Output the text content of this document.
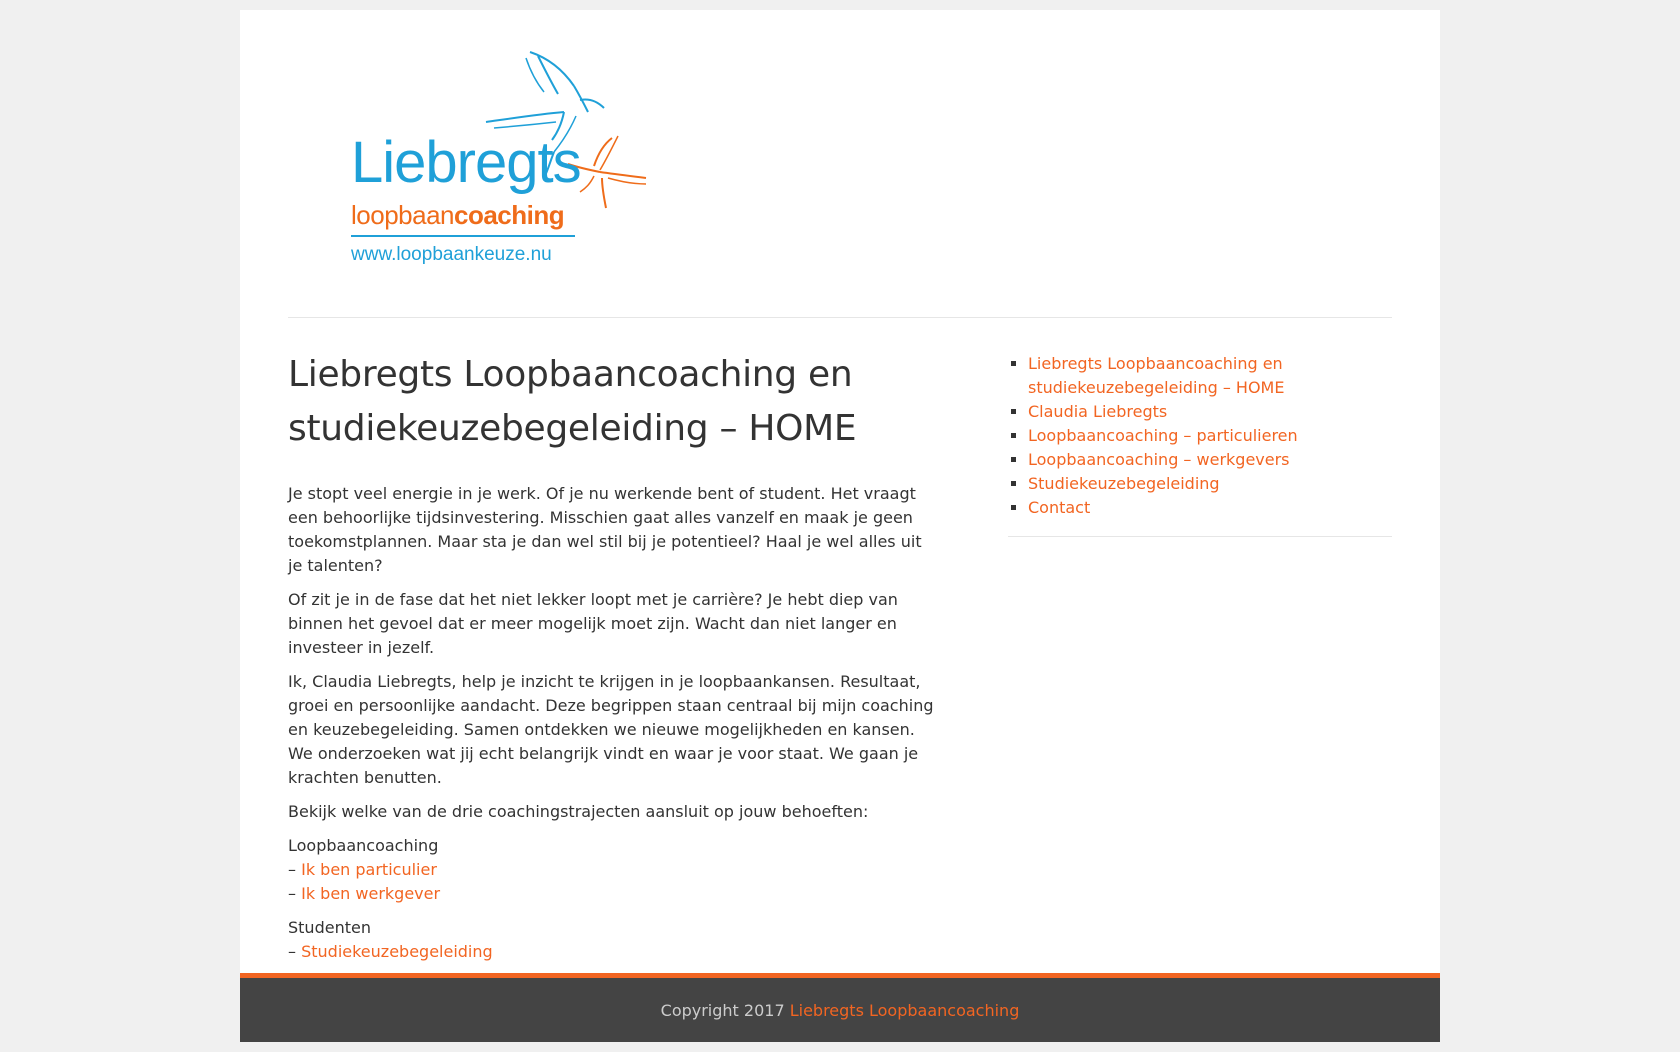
Liebregts
loopbaancoaching
www.loopbaankeuze.nu
Liebregts Loopbaancoaching en studiekeuzebegeleiding – HOME

Je stopt veel energie in je werk. Of je nu werkende bent of student. Het vraagt een behoorlijke tijdsinvestering. Misschien gaat alles vanzelf en maak je geen toekomstplannen. Maar sta je dan wel stil bij je potentieel? Haal je wel alles uit je talenten?

Of zit je in de fase dat het niet lekker loopt met je carrière? Je hebt diep van binnen het gevoel dat er meer mogelijk moet zijn. Wacht dan niet langer en investeer in jezelf.

Ik, Claudia Liebregts, help je inzicht te krijgen in je loopbaankansen. Resultaat, groei en persoonlijke aandacht. Deze begrippen staan centraal bij mijn coaching en keuzebegeleiding. Samen ontdekken we nieuwe mogelijkheden en kansen. We onderzoeken wat jij echt belangrijk vindt en waar je voor staat. We gaan je krachten benutten.

Bekijk welke van de drie coachingstrajecten aansluit op jouw behoeften:

Loopbaancoaching
– Ik ben particulier
– Ik ben werkgever

Studenten
– Studiekeuzebegeleiding

▪ Liebregts Loopbaancoaching en studiekeuzebegeleiding – HOME
▪ Claudia Liebregts
▪ Loopbaancoaching – particulieren
▪ Loopbaancoaching – werkgevers
▪ Studiekeuzebegeleiding
▪ Contact
Copyright 2017 Liebregts Loopbaancoaching
